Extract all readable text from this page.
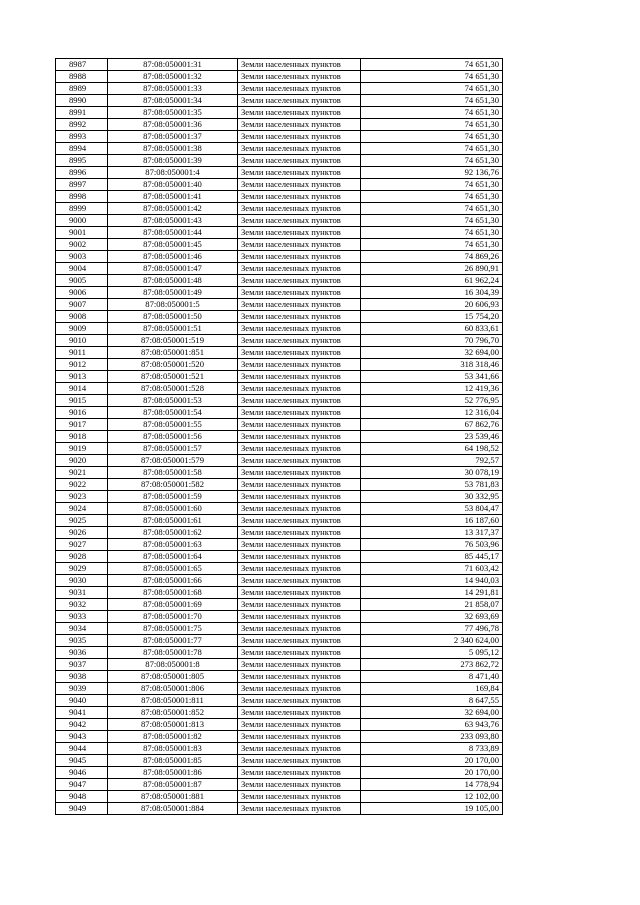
8987	87:08:050001:31	Земли населенных пунктов	74 651,30
8988	87:08:050001:32	Земли населенных пунктов	74 651,30
8989	87:08:050001:33	Земли населенных пунктов	74 651,30
8990	87:08:050001:34	Земли населенных пунктов	74 651,30
8991	87:08:050001:35	Земли населенных пунктов	74 651,30
8992	87:08:050001:36	Земли населенных пунктов	74 651,30
8993	87:08:050001:37	Земли населенных пунктов	74 651,30
8994	87:08:050001:38	Земли населенных пунктов	74 651,30
8995	87:08:050001:39	Земли населенных пунктов	74 651,30
8996	87:08:050001:4	Земли населенных пунктов	92 136,76
8997	87:08:050001:40	Земли населенных пунктов	74 651,30
8998	87:08:050001:41	Земли населенных пунктов	74 651,30
8999	87:08:050001:42	Земли населенных пунктов	74 651,30
9000	87:08:050001:43	Земли населенных пунктов	74 651,30
9001	87:08:050001:44	Земли населенных пунктов	74 651,30
9002	87:08:050001:45	Земли населенных пунктов	74 651,30
9003	87:08:050001:46	Земли населенных пунктов	74 869,26
9004	87:08:050001:47	Земли населенных пунктов	26 890,91
9005	87:08:050001:48	Земли населенных пунктов	61 962,24
9006	87:08:050001:49	Земли населенных пунктов	16 304,39
9007	87:08:050001:5	Земли населенных пунктов	20 606,93
9008	87:08:050001:50	Земли населенных пунктов	15 754,20
9009	87:08:050001:51	Земли населенных пунктов	60 833,61
9010	87:08:050001:519	Земли населенных пунктов	70 796,70
9011	87:08:050001:851	Земли населенных пунктов	32 694,00
9012	87:08:050001:520	Земли населенных пунктов	318 318,46
9013	87:08:050001:521	Земли населенных пунктов	53 341,66
9014	87:08:050001:528	Земли населенных пунктов	12 419,36
9015	87:08:050001:53	Земли населенных пунктов	52 776,95
9016	87:08:050001:54	Земли населенных пунктов	12 316,04
9017	87:08:050001:55	Земли населенных пунктов	67 862,76
9018	87:08:050001:56	Земли населенных пунктов	23 539,46
9019	87:08:050001:57	Земли населенных пунктов	64 198,52
9020	87:08:050001:579	Земли населенных пунктов	792,57
9021	87:08:050001:58	Земли населенных пунктов	30 078,19
9022	87:08:050001:582	Земли населенных пунктов	53 781,83
9023	87:08:050001:59	Земли населенных пунктов	30 332,95
9024	87:08:050001:60	Земли населенных пунктов	53 804,47
9025	87:08:050001:61	Земли населенных пунктов	16 187,60
9026	87:08:050001:62	Земли населенных пунктов	13 317,37
9027	87:08:050001:63	Земли населенных пунктов	76 503,96
9028	87:08:050001:64	Земли населенных пунктов	85 445,17
9029	87:08:050001:65	Земли населенных пунктов	71 603,42
9030	87:08:050001:66	Земли населенных пунктов	14 940,03
9031	87:08:050001:68	Земли населенных пунктов	14 291,81
9032	87:08:050001:69	Земли населенных пунктов	21 858,07
9033	87:08:050001:70	Земли населенных пунктов	32 693,69
9034	87:08:050001:75	Земли населенных пунктов	77 496,78
9035	87:08:050001:77	Земли населенных пунктов	2 340 624,00
9036	87:08:050001:78	Земли населенных пунктов	5 095,12
9037	87:08:050001:8	Земли населенных пунктов	273 862,72
9038	87:08:050001:805	Земли населенных пунктов	8 471,40
9039	87:08:050001:806	Земли населенных пунктов	169,84
9040	87:08:050001:811	Земли населенных пунктов	8 647,55
9041	87:08:050001:852	Земли населенных пунктов	32 694,00
9042	87:08:050001:813	Земли населенных пунктов	63 943,76
9043	87:08:050001:82	Земли населенных пунктов	233 093,80
9044	87:08:050001:83	Земли населенных пунктов	8 733,89
9045	87:08:050001:85	Земли населенных пунктов	20 170,00
9046	87:08:050001:86	Земли населенных пунктов	20 170,00
9047	87:08:050001:87	Земли населенных пунктов	14 778,94
9048	87:08:050001:881	Земли населенных пунктов	12 102,00
9049	87:08:050001:884	Земли населенных пунктов	19 105,00
